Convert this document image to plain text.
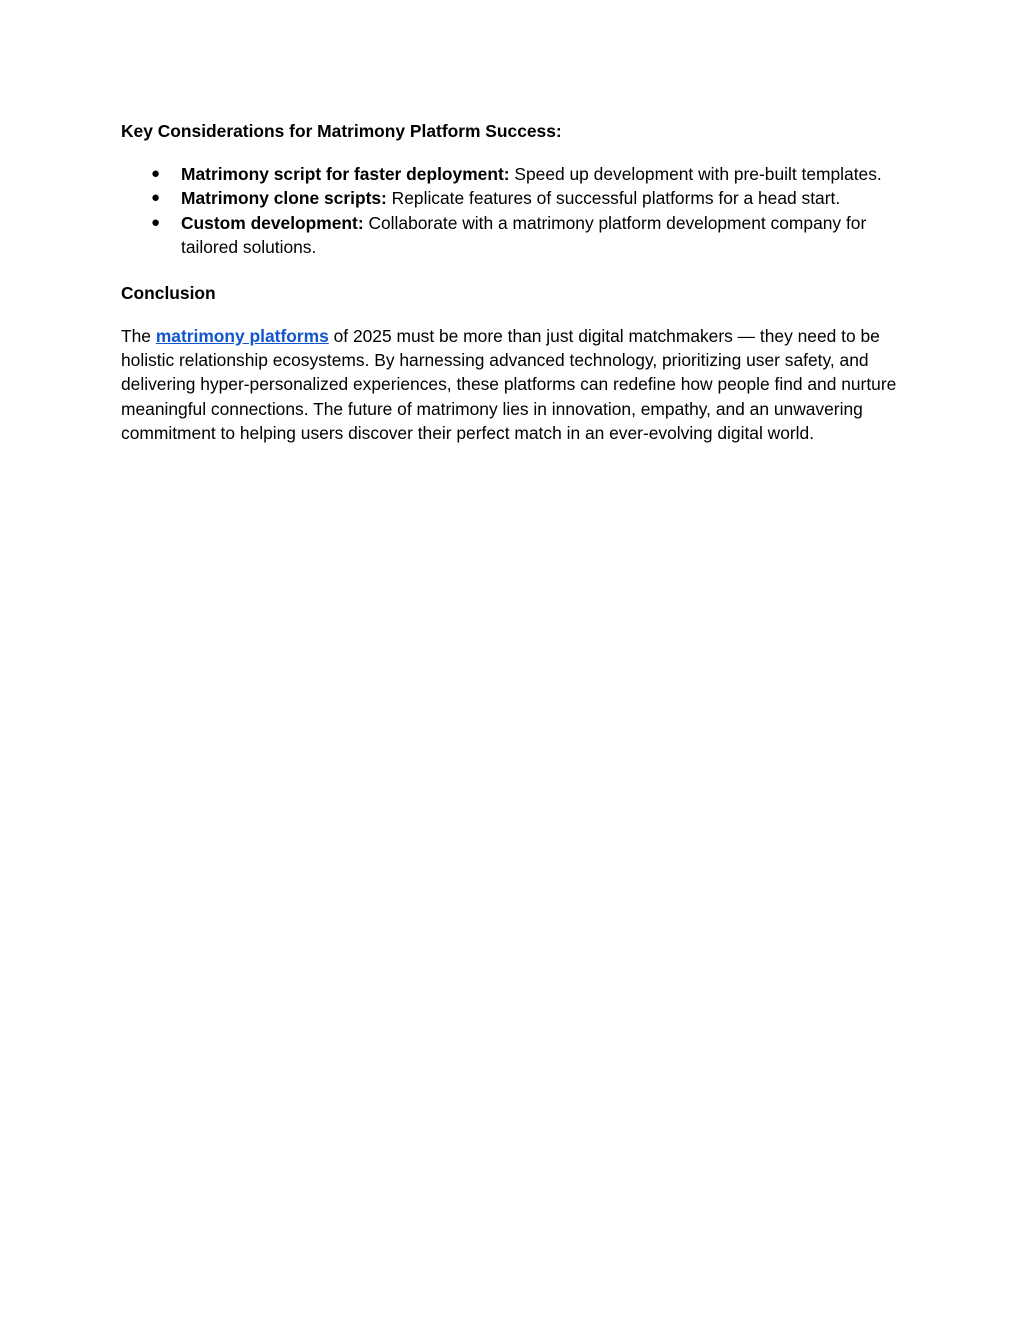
Key Considerations for Matrimony Platform Success:

● Matrimony script for faster deployment: Speed up development with pre-built templates.
● Matrimony clone scripts: Replicate features of successful platforms for a head start.
● Custom development: Collaborate with a matrimony platform development company for tailored solutions.

Conclusion

The matrimony platforms of 2025 must be more than just digital matchmakers — they need to be holistic relationship ecosystems. By harnessing advanced technology, prioritizing user safety, and delivering hyper-personalized experiences, these platforms can redefine how people find and nurture meaningful connections. The future of matrimony lies in innovation, empathy, and an unwavering commitment to helping users discover their perfect match in an ever-evolving digital world.
